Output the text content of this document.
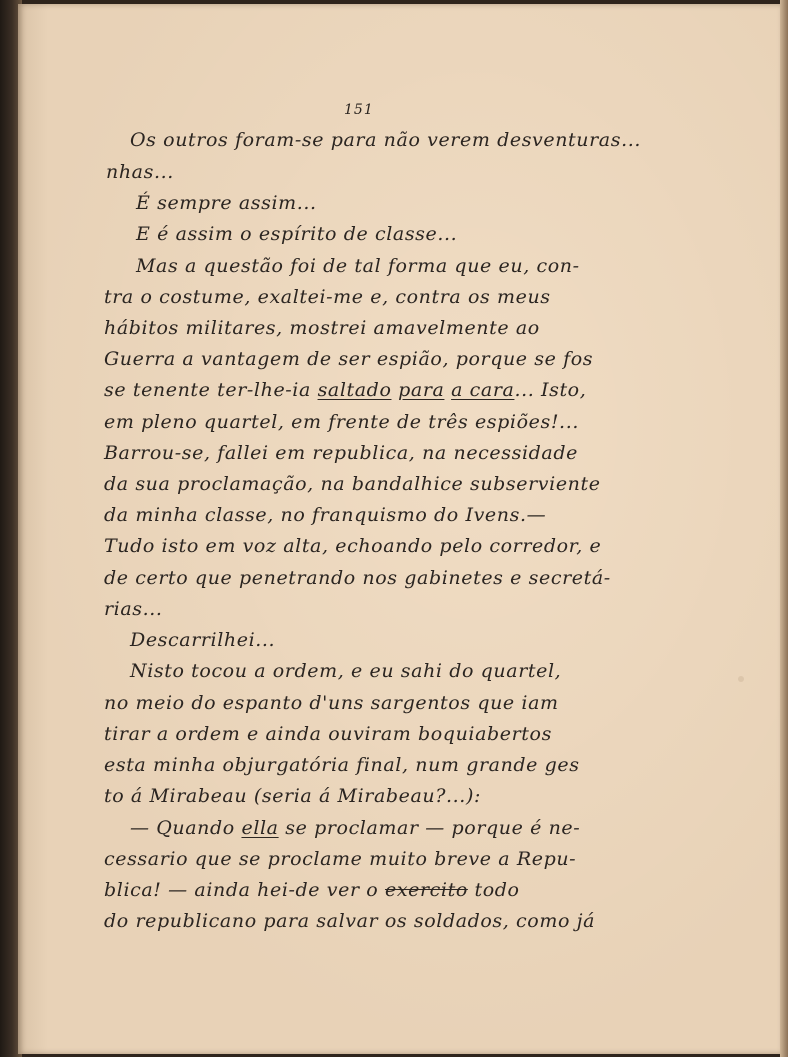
151
Os outros foram-se para não verem desventuras...
nhas...
É sempre assim...
E é assim o espírito de classe...
Mas a questão foi de tal forma que eu, con-
tra o costume, exaltei-me e, contra os meus
hábitos militares, mostrei amavelmente ao
Guerra a vantagem de ser espião, porque se fos
se tenente ter-lhe-ia saltado para a cara... Isto,
em pleno quartel, em frente de três espiões!...
Barrou-se, fallei em republica, na necessidade
da sua proclamação, na bandalhice subserviente
da minha classe, no franquismo do Ivens.—
Tudo isto em voz alta, echoando pelo corredor, e
de certo que penetrando nos gabinetes e secretá-
rias...
Descarrilhei...
Nisto tocou a ordem, e eu sahi do quartel,
no meio do espanto d'uns sargentos que iam
tirar a ordem e ainda ouviram boquiabertos
esta minha objurgatória final, num grande ges
to á Mirabeau (seria á Mirabeau?...):
— Quando ella se proclamar — porque é ne-
cessario que se proclame muito breve a Repu-
blica! — ainda hei-de ver o exercito todo
do republicano para salvar os soldados, como já
